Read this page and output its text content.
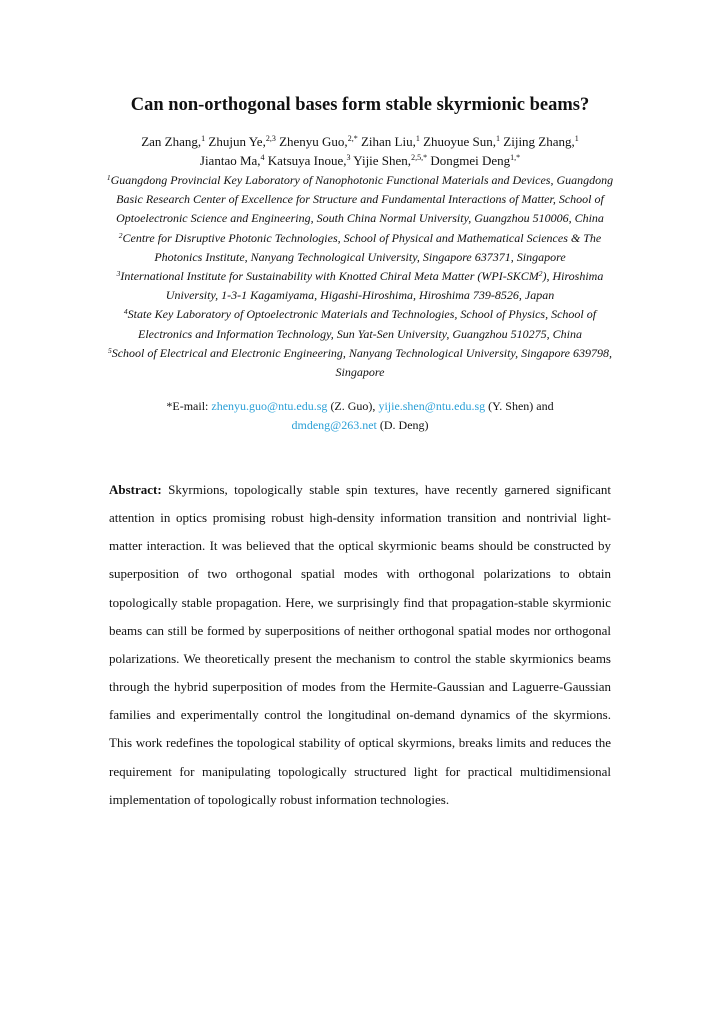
Can non-orthogonal bases form stable skyrmionic beams?
Zan Zhang,$^1$ Zhujun Ye,$^{2,3}$ Zhenyu Guo,$^{2,*}$ Zihan Liu,$^1$ Zhuoyue Sun,$^1$ Zijing Zhang,$^1$
Jiantao Ma,$^4$ Katsuya Inoue,$^3$ Yijie Shen,$^{2,5,*}$ Dongmei Deng$^{1,*}$
$^1$Guangdong Provincial Key Laboratory of Nanophotonic Functional Materials and Devices, Guangdong Basic Research Center of Excellence for Structure and Fundamental Interactions of Matter, School of Optoelectronic Science and Engineering, South China Normal University, Guangzhou 510006, China
$^2$Centre for Disruptive Photonic Technologies, School of Physical and Mathematical Sciences & The Photonics Institute, Nanyang Technological University, Singapore 637371, Singapore
$^3$International Institute for Sustainability with Knotted Chiral Meta Matter (WPI-SKCM$^2$), Hiroshima University, 1-3-1 Kagamiyama, Higashi-Hiroshima, Hiroshima 739-8526, Japan
$^4$State Key Laboratory of Optoelectronic Materials and Technologies, School of Physics, School of Electronics and Information Technology, Sun Yat-Sen University, Guangzhou 510275, China
$^5$School of Electrical and Electronic Engineering, Nanyang Technological University, Singapore 639798, Singapore
*E-mail: zhenyu.guo@ntu.edu.sg (Z. Guo), yijie.shen@ntu.edu.sg (Y. Shen) and
dmdeng@263.net (D. Deng)
Abstract: Skyrmions, topologically stable spin textures, have recently garnered significant attention in optics promising robust high-density information transition and nontrivial light-matter interaction. It was believed that the optical skyrmionic beams should be constructed by superposition of two orthogonal spatial modes with orthogonal polarizations to obtain topologically stable propagation. Here, we surprisingly find that propagation-stable skyrmionic beams can still be formed by superpositions of neither orthogonal spatial modes nor orthogonal polarizations. We theoretically present the mechanism to control the stable skyrmionics beams through the hybrid superposition of modes from the Hermite-Gaussian and Laguerre-Gaussian families and experimentally control the longitudinal on-demand dynamics of the skyrmions. This work redefines the topological stability of optical skyrmions, breaks limits and reduces the requirement for manipulating topologically structured light for practical multidimensional implementation of topologically robust information technologies.
